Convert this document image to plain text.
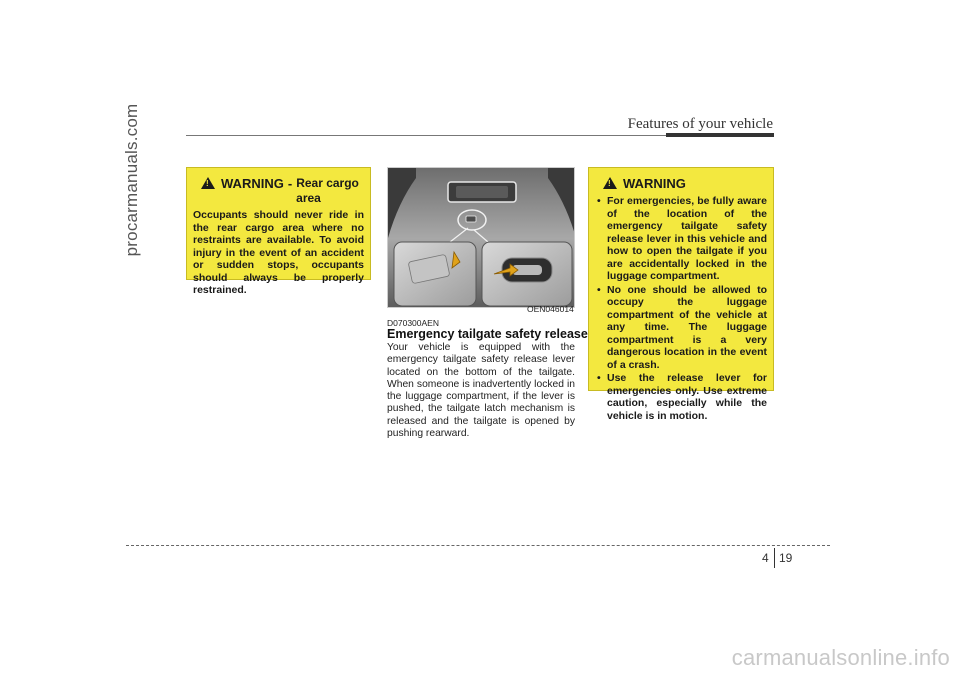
procarmanuals.com	Features of your vehicle
!
WARNING - Rear cargo
area
Occupants should never ride in the rear cargo area where no restraints are available. To avoid injury in the event of an accident or sudden stops, occupants should always be properly restrained.
OEN046014
D070300AEN
Emergency tailgate safety release
Your vehicle is equipped with the emergency tailgate safety release lever located on the bottom of the tailgate. When someone is inadvertently locked in the luggage compartment, if the lever is pushed, the tailgate latch mechanism is released and the tailgate is opened by pushing rearward.
!
WARNING
• For emergencies, be fully aware of the location of the emergency tailgate safety release lever in this vehicle and how to open the tailgate if you are accidentally locked in the luggage compartment.
• No one should be allowed to occupy the luggage compartment of the vehicle at any time. The luggage compartment is a very dangerous location in the event of a crash.
• Use the release lever for emergencies only. Use extreme caution, especially while the vehicle is in motion.
4 19
carmanualsonline.info
